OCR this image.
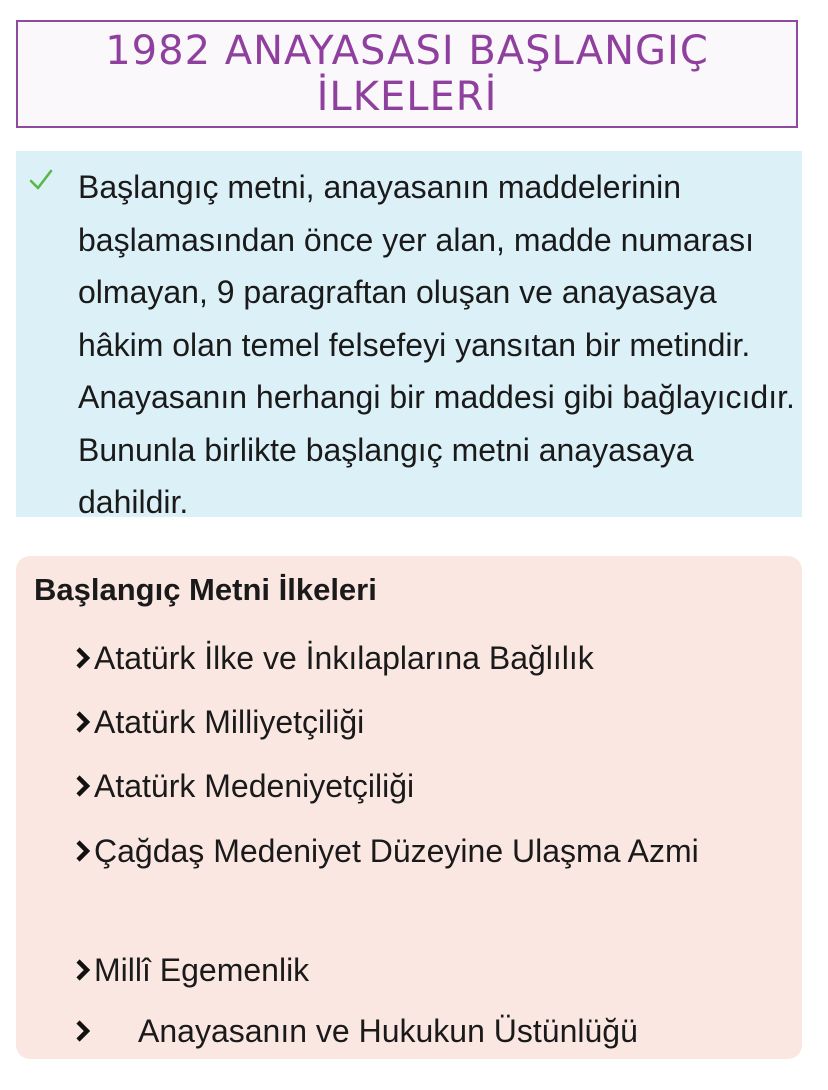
1982 ANAYASASI BAŞLANGIÇ
İLKELERİ

Başlangıç metni, anayasanın maddelerinin başlamasından önce yer alan, madde numarası olmayan, 9 paragraftan oluşan ve anayasaya hâkim olan temel felsefeyi yansıtan bir metindir. Anayasanın herhangi bir maddesi gibi bağlayıcıdır. Bununla birlikte başlangıç metni anayasaya dahildir.

Başlangıç Metni İlkeleri
Atatürk İlke ve İnkılaplarına Bağlılık
Atatürk Milliyetçiliği
Atatürk Medeniyetçiliği
Çağdaş Medeniyet Düzeyine Ulaşma Azmi
Millî Egemenlik
Anayasanın ve Hukukun Üstünlüğü
